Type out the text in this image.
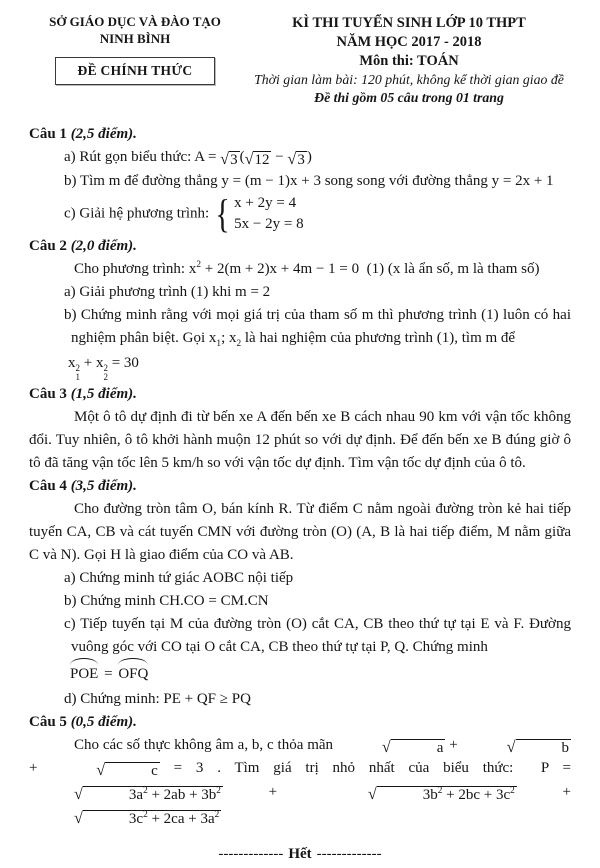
SỞ GIÁO DỤC VÀ ĐÀO TẠO
NINH BÌNH
ĐỀ CHÍNH THỨC
KÌ THI TUYỂN SINH LỚP 10 THPT
NĂM HỌC 2017 - 2018
Môn thi: TOÁN
Thời gian làm bài: 120 phút, không kể thời gian giao đề
Đề thi gồm 05 câu trong 01 trang
Câu 1 (2,5 điểm).
a) Rút gọn biểu thức: A = √ 3 ( √ 12 − √ 3 )
b) Tìm m để đường thẳng y = (m − 1)x + 3 song song với đường thẳng y = 2x + 1
c) Giải hệ phương trình: { x + 2y = 4
5x − 2y = 8
Câu 2 (2,0 điểm).
Cho phương trình: $x^2 + 2(m + 2)x + 4m - 1 = 0$  (1) (x là ẩn số, m là tham số)
a) Giải phương trình (1) khi m = 2
b) Chứng minh rằng với mọi giá trị của tham số m thì phương trình (1) luôn có hai nghiệm phân biệt. Gọi $x_1$; $x_2$ là hai nghiệm của phương trình (1), tìm m để
x 2
1
+ x 2
2
= 30
Câu 3 (1,5 điểm).
Một ô tô dự định đi từ bến xe A đến bến xe B cách nhau 90 km với vận tốc không đổi. Tuy nhiên, ô tô khởi hành muộn 12 phút so với dự định. Để đến bến xe B đúng giờ ô tô đã tăng vận tốc lên 5 km/h so với vận tốc dự định. Tìm vận tốc dự định của ô tô.
Câu 4 (3,5 điểm).
Cho đường tròn tâm O, bán kính R. Từ điểm C nằm ngoài đường tròn kẻ hai tiếp tuyến CA, CB và cát tuyến CMN với đường tròn (O) (A, B là hai tiếp điểm, M nằm giữa C và N). Gọi H là giao điểm của CO và AB.
a) Chứng minh tứ giác AOBC nội tiếp
b) Chứng minh CH.CO = CM.CN
c) Tiếp tuyến tại M của đường tròn (O) cắt CA, CB theo thứ tự tại E và F. Đường vuông góc với CO tại O cắt CA, CB theo thứ tự tại P, Q. Chứng minh
POE = OFQ
d) Chứng minh: PE + QF ≥ PQ
Câu 5 (0,5 điểm).
Cho các số thực không âm a, b, c thỏa mãn	√	a +	√	b
+	√	c = 3 . Tìm giá trị nhỏ nhất của biểu thức:  P =
√	$3a^2 + 2ab + 3b^2$ +	√	$3b^2 + 2bc + 3c^2$ +
√	$3c^2 + 2ca + 3a^2$
------------- Hết -------------
